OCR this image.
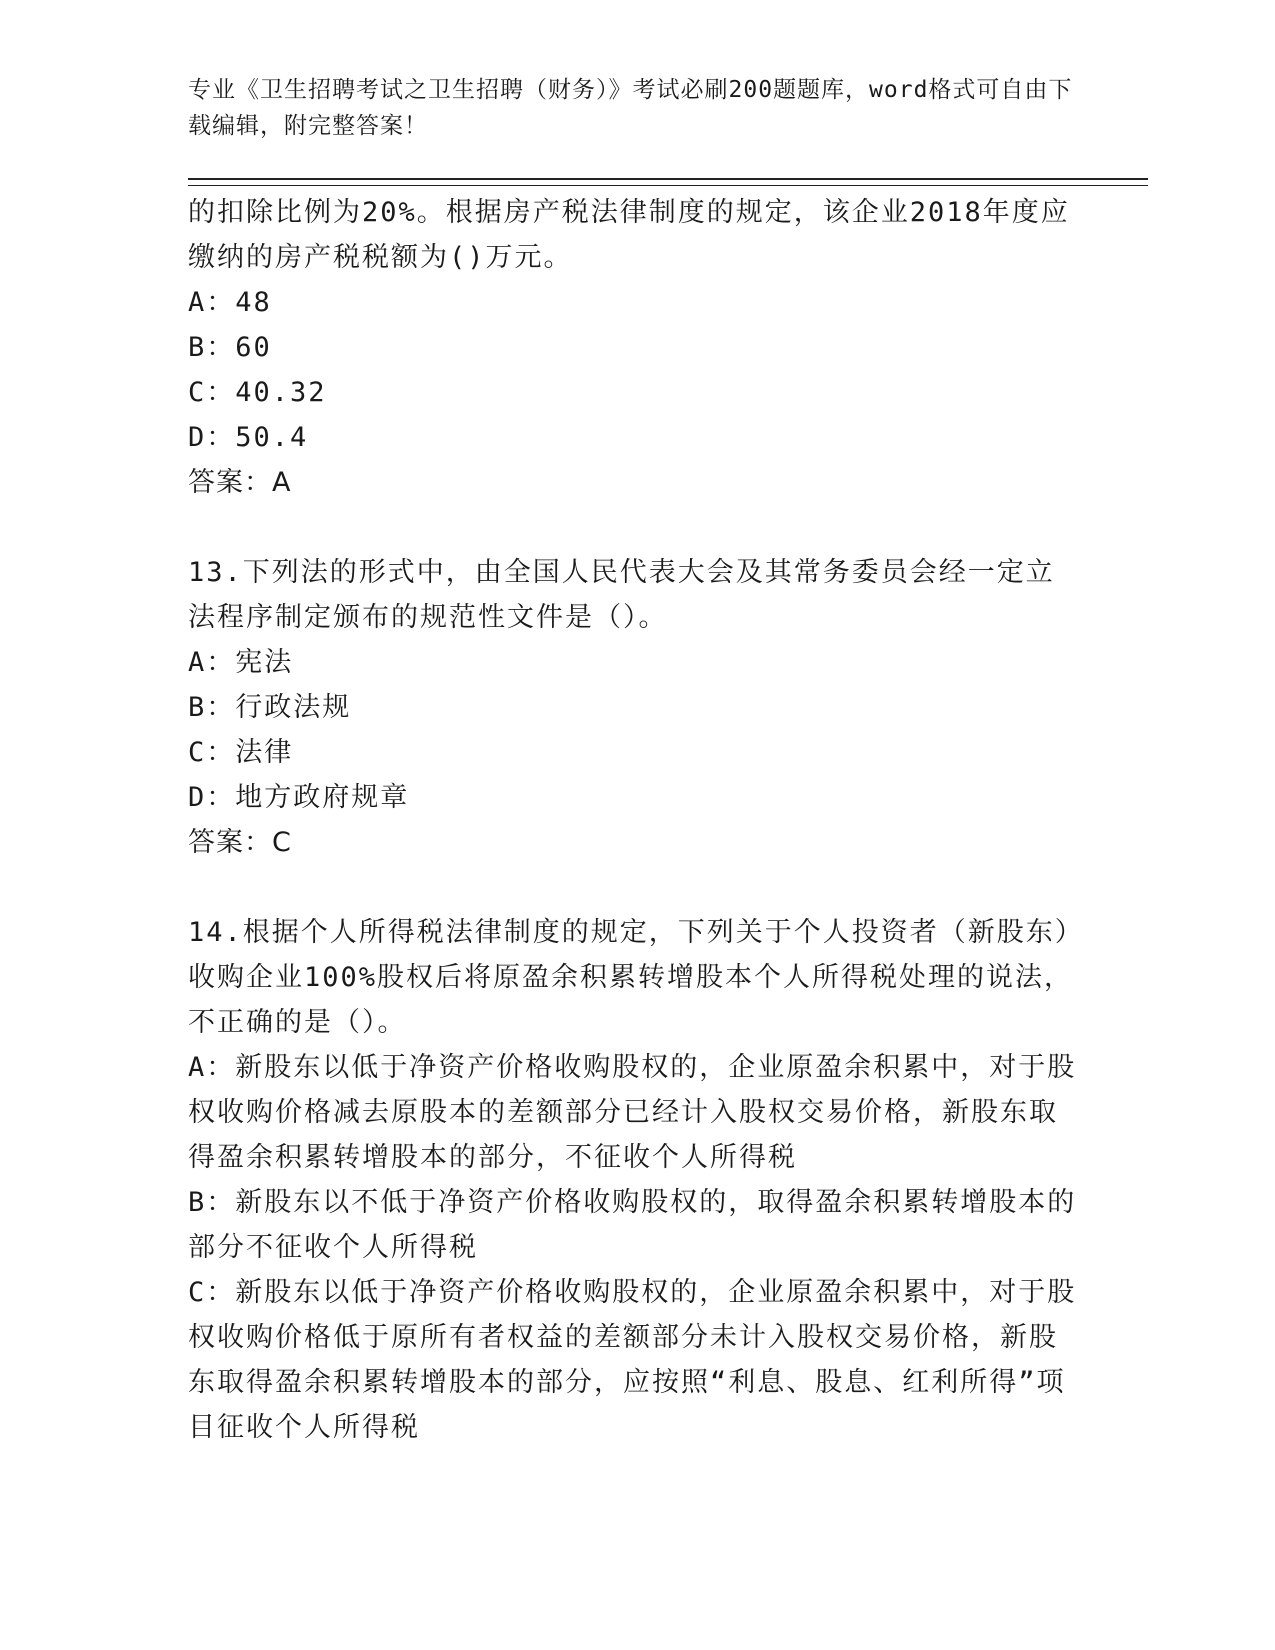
专业《卫生招聘考试之卫生招聘（财务）》考试必刷200题题库，word格式可自由下载编辑，附完整答案！
的扣除比例为20%。根据房产税法律制度的规定，该企业2018年度应缴纳的房产税税额为()万元。
A：48
B：60
C：40.32
D：50.4
答案：A
13.下列法的形式中，由全国人民代表大会及其常务委员会经一定立法程序制定颁布的规范性文件是（）。
A：宪法
B：行政法规
C：法律
D：地方政府规章
答案：C
14.根据个人所得税法律制度的规定，下列关于个人投资者（新股东）收购企业100%股权后将原盈余积累转增股本个人所得税处理的说法，不正确的是（）。
A：新股东以低于净资产价格收购股权的，企业原盈余积累中，对于股权收购价格减去原股本的差额部分已经计入股权交易价格，新股东取得盈余积累转增股本的部分，不征收个人所得税
B：新股东以不低于净资产价格收购股权的，取得盈余积累转增股本的部分不征收个人所得税
C：新股东以低于净资产价格收购股权的，企业原盈余积累中，对于股权收购价格低于原所有者权益的差额部分未计入股权交易价格，新股东取得盈余积累转增股本的部分，应按照“利息、股息、红利所得”项目征收个人所得税
